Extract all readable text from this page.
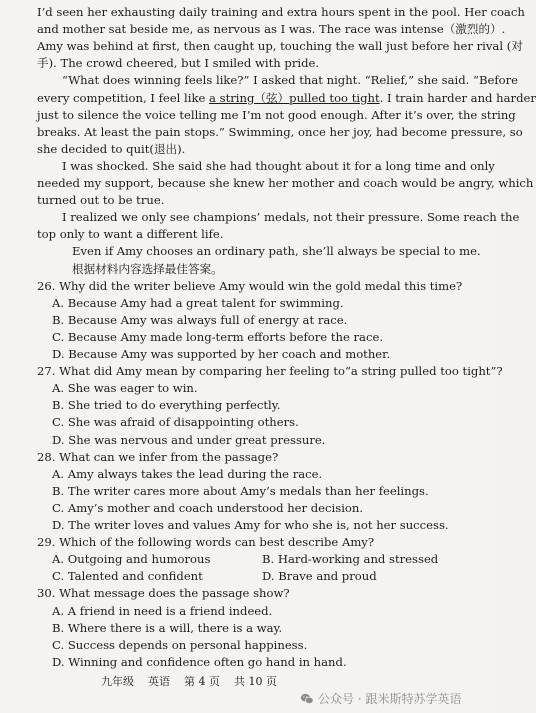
I’d seen her exhausting daily training and extra hours spent in the pool. Her coach
and mother sat beside me, as nervous as I was. The race was intense（激烈的）.
Amy was behind at first, then caught up, touching the wall just before her rival (对
手). The crowd cheered, but I smiled with pride.
“What does winning feels like?” I asked that night. “Relief,” she said. “Before
every competition, I feel like a string（弦）pulled too tight. I train harder and harder
just to silence the voice telling me I’m not good enough. After it’s over, the string
breaks. At least the pain stops.” Swimming, once her joy, had become pressure, so
she decided to quit(退出).
I was shocked. She said she had thought about it for a long time and only
needed my support, because she knew her mother and coach would be angry, which
turned out to be true.
I realized we only see champions’ medals, not their pressure. Some reach the
top only to want a different life.
Even if Amy chooses an ordinary path, she’ll always be special to me.
根据材料内容选择最佳答案。
26. Why did the writer believe Amy would win the gold medal this time?
A. Because Amy had a great talent for swimming.
B. Because Amy was always full of energy at race.
C. Because Amy made long-term efforts before the race.
D. Because Amy was supported by her coach and mother.
27. What did Amy mean by comparing her feeling to“a string pulled too tight”?
A. She was eager to win.
B. She tried to do everything perfectly.
C. She was afraid of disappointing others.
D. She was nervous and under great pressure.
28. What can we infer from the passage?
A. Amy always takes the lead during the race.
B. The writer cares more about Amy’s medals than her feelings.
C. Amy’s mother and coach understood her decision.
D. The writer loves and values Amy for who she is, not her success.
29. Which of the following words can best describe Amy?
A. Outgoing and humorous	B. Hard-working and stressed
C. Talented and confident	D. Brave and proud
30. What message does the passage show?
A. A friend in need is a friend indeed.
B. Where there is a will, there is a way.
C. Success depends on personal happiness.
D. Winning and confidence often go hand in hand.
九年级 英语 第 4 页 共 10 页
公众号 · 跟米斯特苏学英语
